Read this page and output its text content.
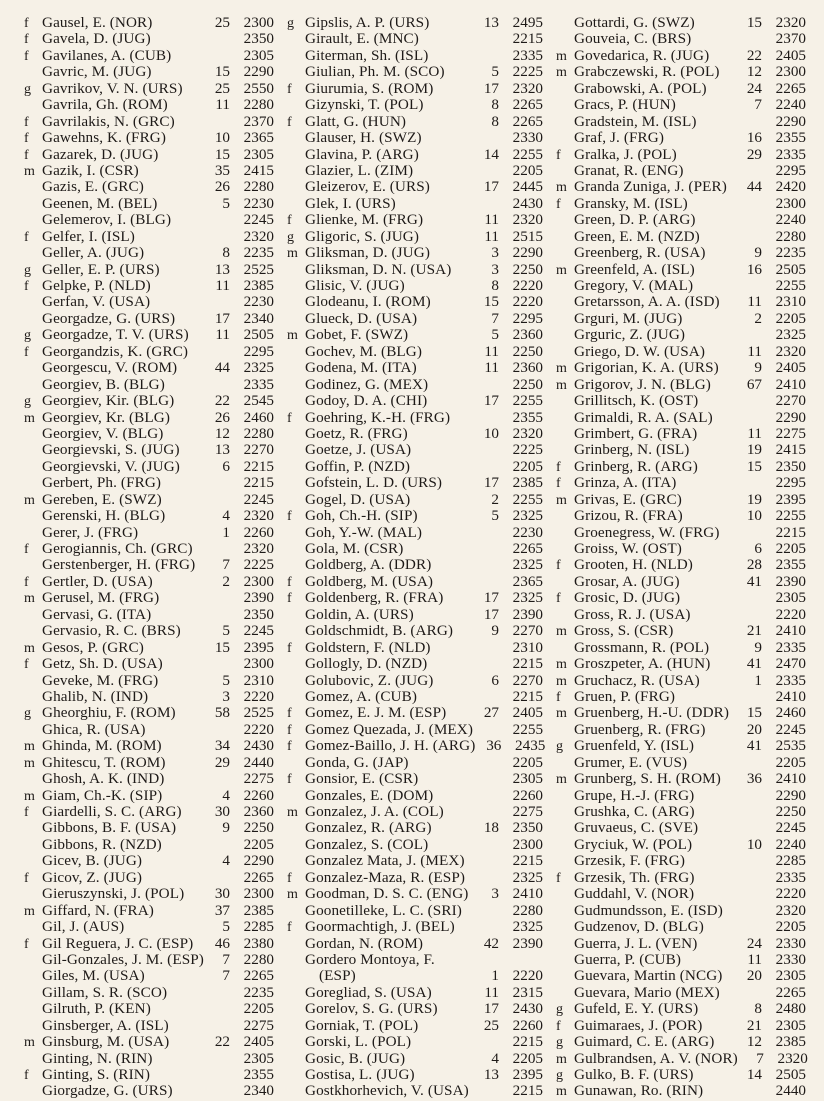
f Gausel, E. (NOR)	25 2300
f Gavela, D. (JUG)	2350
f Gavilanes, A. (CUB)	2305
Gavric, M. (JUG)	15 2290
g Gavrikov, V. N. (URS)	25 2550
Gavrila, Gh. (ROM)	11 2280
f Gavrilakis, N. (GRC)	2370
f Gawehns, K. (FRG)	10 2365
f Gazarek, D. (JUG)	15 2305
m Gazik, I. (CSR)	35 2415
Gazis, E. (GRC)	26 2280
Geenen, M. (BEL)	5 2230
Gelemerov, I. (BLG)	2245
f Gelfer, I. (ISL)	2320
Geller, A. (JUG)	8 2235
g Geller, E. P. (URS)	13 2525
f Gelpke, P. (NLD)	11 2385
Gerfan, V. (USA)	2230
Georgadze, G. (URS)	17 2340
g Georgadze, T. V. (URS)	11 2505
f Georgandzis, K. (GRC)	2295
Georgescu, V. (ROM)	44 2325
Georgiev, B. (BLG)	2335
g Georgiev, Kir. (BLG)	22 2545
m Georgiev, Kr. (BLG)	26 2460
Georgiev, V. (BLG)	12 2280
Georgievski, S. (JUG)	13 2270
Georgievski, V. (JUG)	6 2215
Gerbert, Ph. (FRG)	2215
m Gereben, E. (SWZ)	2245
Gerenski, H. (BLG)	4 2320
Gerer, J. (FRG)	1 2260
f Gerogiannis, Ch. (GRC)	2320
Gerstenberger, H. (FRG)	7 2225
f Gertler, D. (USA)	2 2300
m Gerusel, M. (FRG)	2390
Gervasi, G. (ITA)	2350
Gervasio, R. C. (BRS)	5 2245
m Gesos, P. (GRC)	15 2395
f Getz, Sh. D. (USA)	2300
Geveke, M. (FRG)	5 2310
Ghalib, N. (IND)	3 2220
g Gheorghiu, F. (ROM)	58 2525
Ghica, R. (USA)	2220
m Ghinda, M. (ROM)	34 2430
m Ghitescu, T. (ROM)	29 2440
Ghosh, A. K. (IND)	2275
m Giam, Ch.-K. (SIP)	4 2260
f Giardelli, S. C. (ARG)	30 2360
Gibbons, B. F. (USA)	9 2250
Gibbons, R. (NZD)	2205
Gicev, B. (JUG)	4 2290
f Gicov, Z. (JUG)	2265
Gieruszynski, J. (POL)	30 2300
m Giffard, N. (FRA)	37 2385
Gil, J. (AUS)	5 2285
f Gil Reguera, J. C. (ESP)	46 2380
Gil-Gonzales, J. M. (ESP)	7 2280
Giles, M. (USA)	7 2265
Gillam, S. R. (SCO)	2235
Gilruth, P. (KEN)	2205
Ginsberger, A. (ISL)	2275
m Ginsburg, M. (USA)	22 2405
Ginting, N. (RIN)	2305
f Ginting, S. (RIN)	2355
Giorgadze, G. (URS)	2340
g Gipslis, A. P. (URS)	13 2495
Girault, E. (MNC)	2215
Giterman, Sh. (ISL)	2335
Giulian, Ph. M. (SCO)	5 2225
f Giurumia, S. (ROM)	17 2320
Gizynski, T. (POL)	8 2265
f Glatt, G. (HUN)	8 2265
Glauser, H. (SWZ)	2330
Glavina, P. (ARG)	14 2255
Glazier, L. (ZIM)	2205
Gleizerov, E. (URS)	17 2445
Glek, I. (URS)	2430
f Glienke, M. (FRG)	11 2320
g Gligoric, S. (JUG)	11 2515
m Gliksman, D. (JUG)	3 2290
Gliksman, D. N. (USA)	3 2250
Glisic, V. (JUG)	8 2220
Glodeanu, I. (ROM)	15 2220
Glueck, D. (USA)	7 2295
m Gobet, F. (SWZ)	5 2360
Gochev, M. (BLG)	11 2250
Godena, M. (ITA)	11 2360
Godinez, G. (MEX)	2250
Godoy, D. A. (CHI)	17 2255
f Goehring, K.-H. (FRG)	2355
Goetz, R. (FRG)	10 2320
Goetze, J. (USA)	2225
Goffin, P. (NZD)	2205
Gofstein, L. D. (URS)	17 2385
Gogel, D. (USA)	2 2255
f Goh, Ch.-H. (SIP)	5 2325
Goh, Y.-W. (MAL)	2230
Gola, M. (CSR)	2265
Goldberg, A. (DDR)	2325
f Goldberg, M. (USA)	2365
f Goldenberg, R. (FRA)	17 2325
Goldin, A. (URS)	17 2390
Goldschmidt, B. (ARG)	9 2270
f Goldstern, F. (NLD)	2310
Gollogly, D. (NZD)	2215
Golubovic, Z. (JUG)	6 2270
Gomez, A. (CUB)	2215
f Gomez, E. J. M. (ESP)	27 2405
f Gomez Quezada, J. (MEX)	2255
f Gomez-Baillo, J. H. (ARG) 36 2435
Gonda, G. (JAP)	2205
f Gonsior, E. (CSR)	2305
Gonzales, E. (DOM)	2260
m Gonzalez, J. A. (COL)	2275
Gonzalez, R. (ARG)	18 2350
Gonzalez, S. (COL)	2300
Gonzalez Mata, J. (MEX)	2215
f Gonzalez-Maza, R. (ESP)	2325
m Goodman, D. S. C. (ENG)	3 2410
Goonetilleke, L. C. (SRI)	2280
f Goormachtigh, J. (BEL)	2325
Gordan, N. (ROM)	42 2390
Gordero Montoya, F.
(ESP)	1 2220
Goregliad, S. (USA)	11 2315
Gorelov, S. G. (URS)	17 2430
Gorniak, T. (POL)	25 2260
Gorski, L. (POL)	2215
Gosic, B. (JUG)	4 2205
Gostisa, L. (JUG)	13 2395
Gostkhorhevich, V. (USA)	2215
Gottardi, G. (SWZ)	15 2320
Gouveia, C. (BRS)	2370
m Govedarica, R. (JUG)	22 2405
m Grabczewski, R. (POL)	12 2300
Grabowski, A. (POL)	24 2265
Gracs, P. (HUN)	7 2240
Gradstein, M. (ISL)	2290
Graf, J. (FRG)	16 2355
f Gralka, J. (POL)	29 2335
Granat, R. (ENG)	2295
m Granda Zuniga, J. (PER)	44 2420
f Gransky, M. (ISL)	2300
Green, D. P. (ARG)	2240
Green, E. M. (NZD)	2280
Greenberg, R. (USA)	9 2235
m Greenfeld, A. (ISL)	16 2505
Gregory, V. (MAL)	2255
Gretarsson, A. A. (ISD)	11 2310
Grguri, M. (JUG)	2 2205
Grguric, Z. (JUG)	2325
Griego, D. W. (USA)	11 2320
m Grigorian, K. A. (URS)	9 2405
m Grigorov, J. N. (BLG)	67 2410
Grillitsch, K. (OST)	2270
Grimaldi, R. A. (SAL)	2290
Grimbert, G. (FRA)	11 2275
Grinberg, N. (ISL)	19 2415
f Grinberg, R. (ARG)	15 2350
f Grinza, A. (ITA)	2295
m Grivas, E. (GRC)	19 2395
Grizou, R. (FRA)	10 2255
Groenegress, W. (FRG)	2215
Groiss, W. (OST)	6 2205
f Grooten, H. (NLD)	28 2355
Grosar, A. (JUG)	41 2390
f Grosic, D. (JUG)	2305
Gross, R. J. (USA)	2220
m Gross, S. (CSR)	21 2410
Grossmann, R. (POL)	9 2335
m Groszpeter, A. (HUN)	41 2470
m Gruchacz, R. (USA)	1 2335
f Gruen, P. (FRG)	2410
m Gruenberg, H.-U. (DDR)	15 2460
Gruenberg, R. (FRG)	20 2245
g Gruenfeld, Y. (ISL)	41 2535
Grumer, E. (VUS)	2205
m Grunberg, S. H. (ROM)	36 2410
Grupe, H.-J. (FRG)	2290
Grushka, C. (ARG)	2250
Gruvaeus, C. (SVE)	2245
Gryciuk, W. (POL)	10 2240
Grzesik, F. (FRG)	2285
f Grzesik, Th. (FRG)	2335
Guddahl, V. (NOR)	2220
Gudmundsson, E. (ISD)	2320
Gudzenov, D. (BLG)	2205
Guerra, J. L. (VEN)	24 2330
Guerra, P. (CUB)	11 2330
Guevara, Martin (NCG)	20 2305
Guevara, Mario (MEX)	2265
g Gufeld, E. Y. (URS)	8 2480
f Guimaraes, J. (POR)	21 2305
g Guimard, C. E. (ARG)	12 2385
m Gulbrandsen, A. V. (NOR)	7 2320
g Gulko, B. F. (URS)	14 2505
m Gunawan, Ro. (RIN)	2440
